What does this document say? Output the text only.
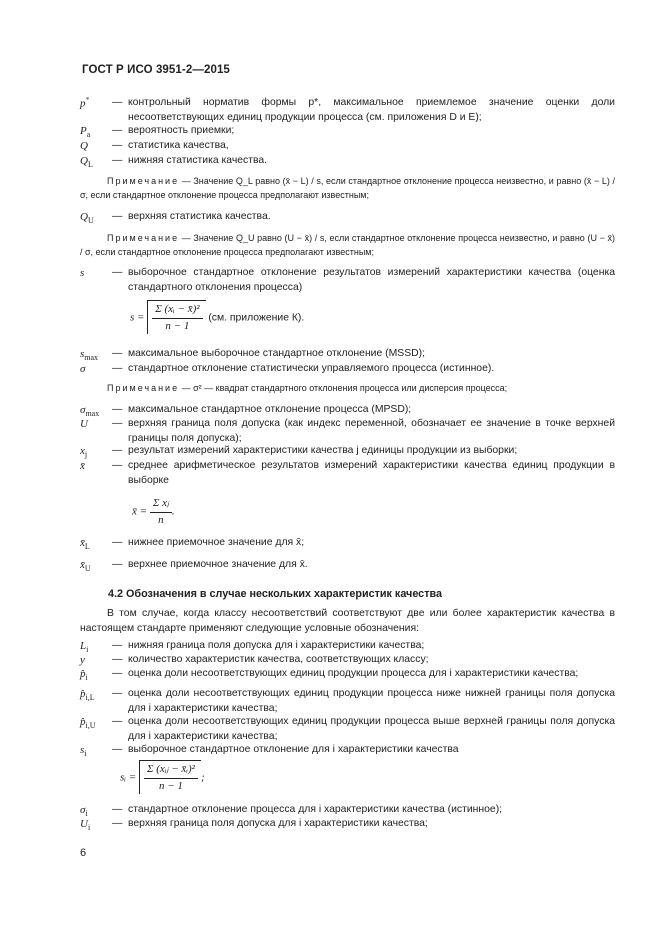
ГОСТ Р ИСО 3951-2—2015
p*	— контрольный норматив формы p*, максимальное приемлемое значение оценки доли несоответствующих единиц продукции процесса (см. приложения D и E);
$P_a$	— вероятность приемки;
Q	— статистика качества,
$Q_L$	— нижняя статистика качества.
Примечание — Значение Q_L равно (x̄ − L) / s, если стандартное отклонение процесса неизвестно, и равно (x̄ − L) / σ, если стандартное отклонение процесса предполагают известным;
$Q_U$	— верхняя статистика качества.
Примечание — Значение Q_U равно (U − x̄) / s, если стандартное отклонение процесса неизвестно, и равно (U − x̄) / σ, если стандартное отклонение процесса предполагают известным;
s	— выборочное стандартное отклонение результатов измерений характеристики качества (оценка стандартного отклонения процесса)
$s = \frac{\text{Σ (xᵢ − x̄)²}}{n - 1} (см$. приложение К).
$s_{max}$	— максимальное выборочное стандартное отклонение (MSSD);
σ	— стандартное отклонение статистически управляемого процесса (истинное).
Примечание — σ² — квадрат стандартного отклонения процесса или дисперсия процесса;
$\sigma_{max}$	— максимальное стандартное отклонение процесса (MPSD);
U	— верхняя граница поля допуска (как индекс переменной, обозначает ее значение в точке верхней границы поля допуска);
$x_j$	— результат измерений характеристики качества j единицы продукции из выборки;
x̄	— среднее арифметическое результатов измерений характеристики качества единиц продукции в выборке
x̄ = $\frac{\text{Σ xⱼ}}{n}$ .
$x̄_L$	— нижнее приемочное значение для x̄;
$x̄_U$	— верхнее приемочное значение для x̄.
4.2 Обозначения в случае нескольких характеристик качества
В том случае, когда классу несоответствий соответствуют две или более характеристик качества в настоящем стандарте применяют следующие условные обозначения:
$L_i$	— нижняя граница поля допуска для i характеристики качества;
y	— количество характеристик качества, соответствующих классу;
$p̂_i$	— оценка доли несоответствующих единиц продукции процесса для i характеристики качества;
$p̂_{i,L}$	— оценка доли несоответствующих единиц продукции процесса ниже нижней границы поля допуска для i характеристики качества;
$p̂_{i,U}$	— оценка доли несоответствующих единиц продукции процесса выше верхней границы поля допуска для i характеристики качества;
$s_i$	— выборочное стандартное отклонение для i характеристики качества
sᵢ = $\frac{\text{Σ (xᵢⱼ − x̄ᵢ)²}}{n - 1}$ ;
$\sigma_i$	— стандартное отклонение процесса для i характеристики качества (истинное);
$U_i$	— верхняя граница поля допуска для i характеристики качества;
6
